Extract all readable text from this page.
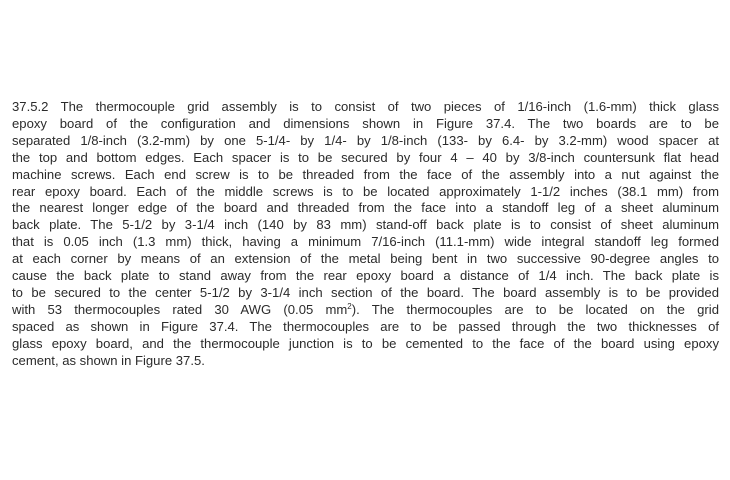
37.5.2 The thermocouple grid assembly is to consist of two pieces of 1/16-inch (1.6-mm) thick glass
epoxy board of the configuration and dimensions shown in Figure 37.4. The two boards are to be
separated 1/8-inch (3.2-mm) by one 5-1/4- by 1/4- by 1/8-inch (133- by 6.4- by 3.2-mm) wood spacer at
the top and bottom edges. Each spacer is to be secured by four 4 – 40 by 3/8-inch countersunk flat head
machine screws. Each end screw is to be threaded from the face of the assembly into a nut against the
rear epoxy board. Each of the middle screws is to be located approximately 1-1/2 inches (38.1 mm) from
the nearest longer edge of the board and threaded from the face into a standoff leg of a sheet aluminum
back plate. The 5-1/2 by 3-1/4 inch (140 by 83 mm) stand-off back plate is to consist of sheet aluminum
that is 0.05 inch (1.3 mm) thick, having a minimum 7/16-inch (11.1-mm) wide integral standoff leg formed
at each corner by means of an extension of the metal being bent in two successive 90-degree angles to
cause the back plate to stand away from the rear epoxy board a distance of 1/4 inch. The back plate is
to be secured to the center 5-1/2 by 3-1/4 inch section of the board. The board assembly is to be provided
with 53 thermocouples rated 30 AWG (0.05 $mm^2$). The thermocouples are to be located on the grid
spaced as shown in Figure 37.4. The thermocouples are to be passed through the two thicknesses of
glass epoxy board, and the thermocouple junction is to be cemented to the face of the board using epoxy
cement, as shown in Figure 37.5.
